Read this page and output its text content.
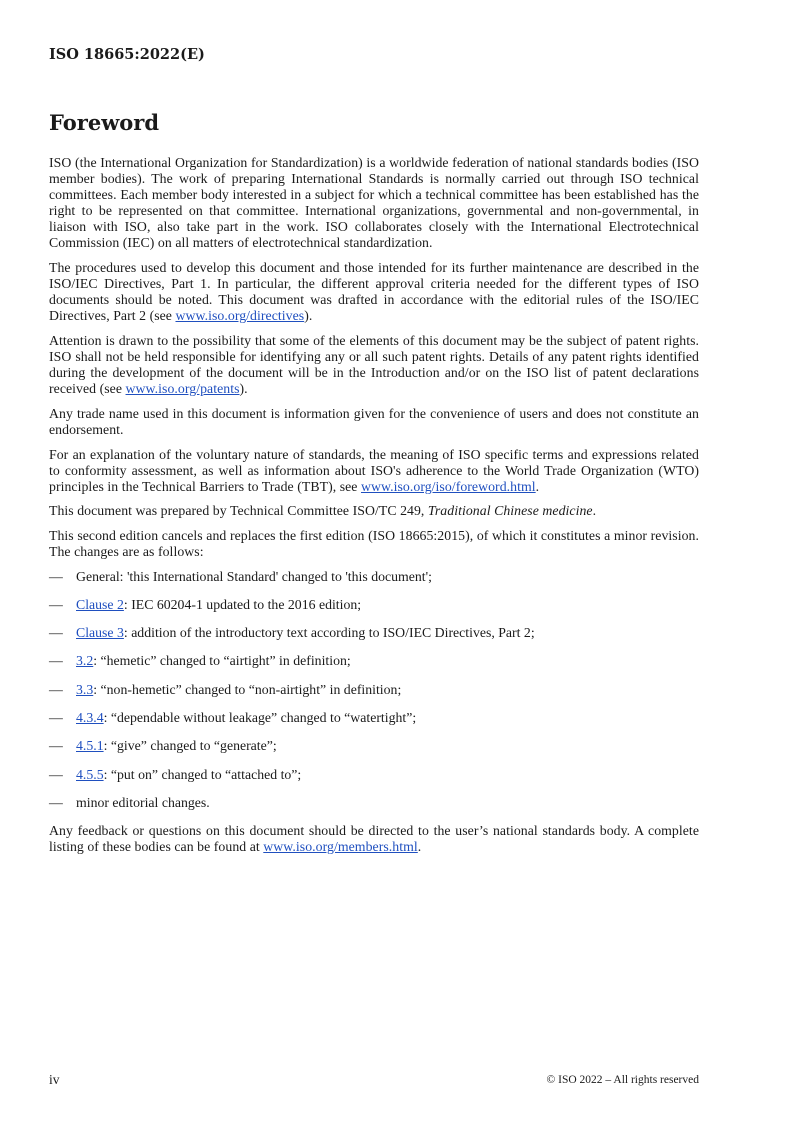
ISO 18665:2022(E)
Foreword

ISO (the International Organization for Standardization) is a worldwide federation of national standards bodies (ISO member bodies). The work of preparing International Standards is normally carried out through ISO technical committees. Each member body interested in a subject for which a technical committee has been established has the right to be represented on that committee. International organizations, governmental and non-governmental, in liaison with ISO, also take part in the work. ISO collaborates closely with the International Electrotechnical Commission (IEC) on all matters of electrotechnical standardization.

The procedures used to develop this document and those intended for its further maintenance are described in the ISO/IEC Directives, Part 1. In particular, the different approval criteria needed for the different types of ISO documents should be noted. This document was drafted in accordance with the editorial rules of the ISO/IEC Directives, Part 2 (see www.iso.org/directives).

Attention is drawn to the possibility that some of the elements of this document may be the subject of patent rights. ISO shall not be held responsible for identifying any or all such patent rights. Details of any patent rights identified during the development of the document will be in the Introduction and/or on the ISO list of patent declarations received (see www.iso.org/patents).

Any trade name used in this document is information given for the convenience of users and does not constitute an endorsement.

For an explanation of the voluntary nature of standards, the meaning of ISO specific terms and expressions related to conformity assessment, as well as information about ISO's adherence to the World Trade Organization (WTO) principles in the Technical Barriers to Trade (TBT), see www.iso.org/iso/foreword.html.

This document was prepared by Technical Committee ISO/TC 249, Traditional Chinese medicine.

This second edition cancels and replaces the first edition (ISO 18665:2015), of which it constitutes a minor revision. The changes are as follows:

— General: 'this International Standard' changed to 'this document';
— Clause 2: IEC 60204-1 updated to the 2016 edition;
— Clause 3: addition of the introductory text according to ISO/IEC Directives, Part 2;
— 3.2: “hemetic” changed to “airtight” in definition;
— 3.3: “non-hemetic” changed to “non-airtight” in definition;
— 4.3.4: “dependable without leakage” changed to “watertight”;
— 4.5.1: “give” changed to “generate”;
— 4.5.5: “put on” changed to “attached to”;
— minor editorial changes.

Any feedback or questions on this document should be directed to the user’s national standards body. A complete listing of these bodies can be found at www.iso.org/members.html.

iv	© ISO 2022 – All rights reserved
